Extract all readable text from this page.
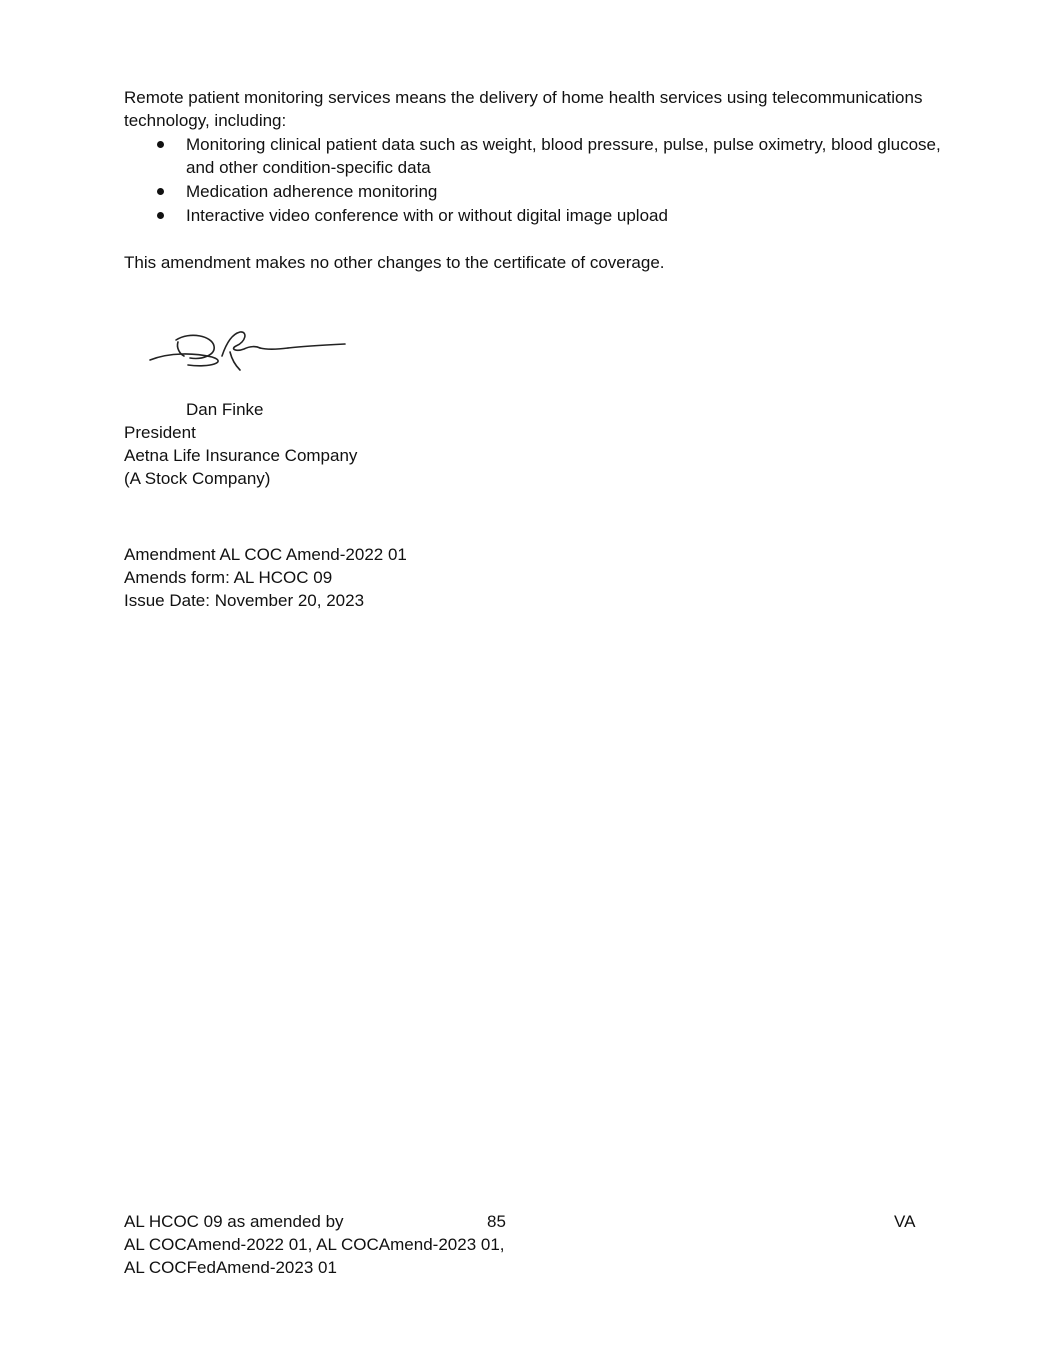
Remote patient monitoring services means the delivery of home health services using telecommunications
technology, including:
Monitoring clinical patient data such as weight, blood pressure, pulse, pulse oximetry, blood glucose,
and other condition-specific data
Medication adherence monitoring
Interactive video conference with or without digital image upload
This amendment makes no other changes to the certificate of coverage.
Dan Finke
President
Aetna Life Insurance Company
(A Stock Company)
Amendment AL COC Amend-2022 01
Amends form: AL HCOC 09
Issue Date: November 20, 2023
AL HCOC 09 as amended by
AL COCAmend-2022 01, AL COCAmend-2023 01,
AL COCFedAmend-2023 01
85	VA
